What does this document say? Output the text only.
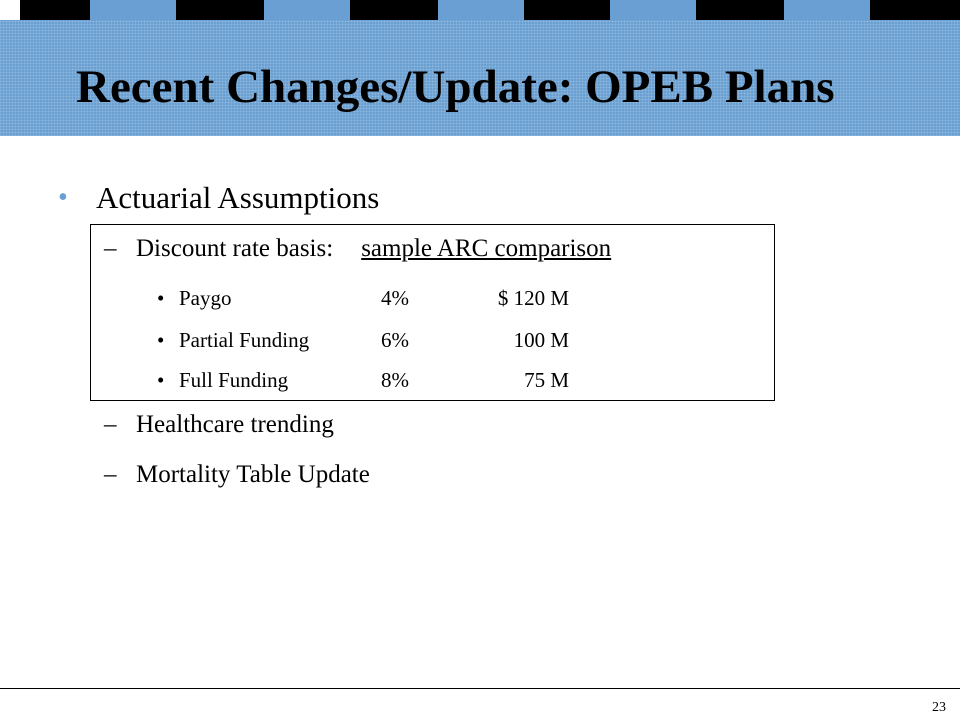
Recent Changes/Update: OPEB Plans
• Actuarial Assumptions
– Discount rate basis: sample ARC comparison
• Paygo	4%	$ 120 M
• Partial Funding	6%	100 M
• Full Funding	8%	75 M
– Healthcare trending
– Mortality Table Update
23
